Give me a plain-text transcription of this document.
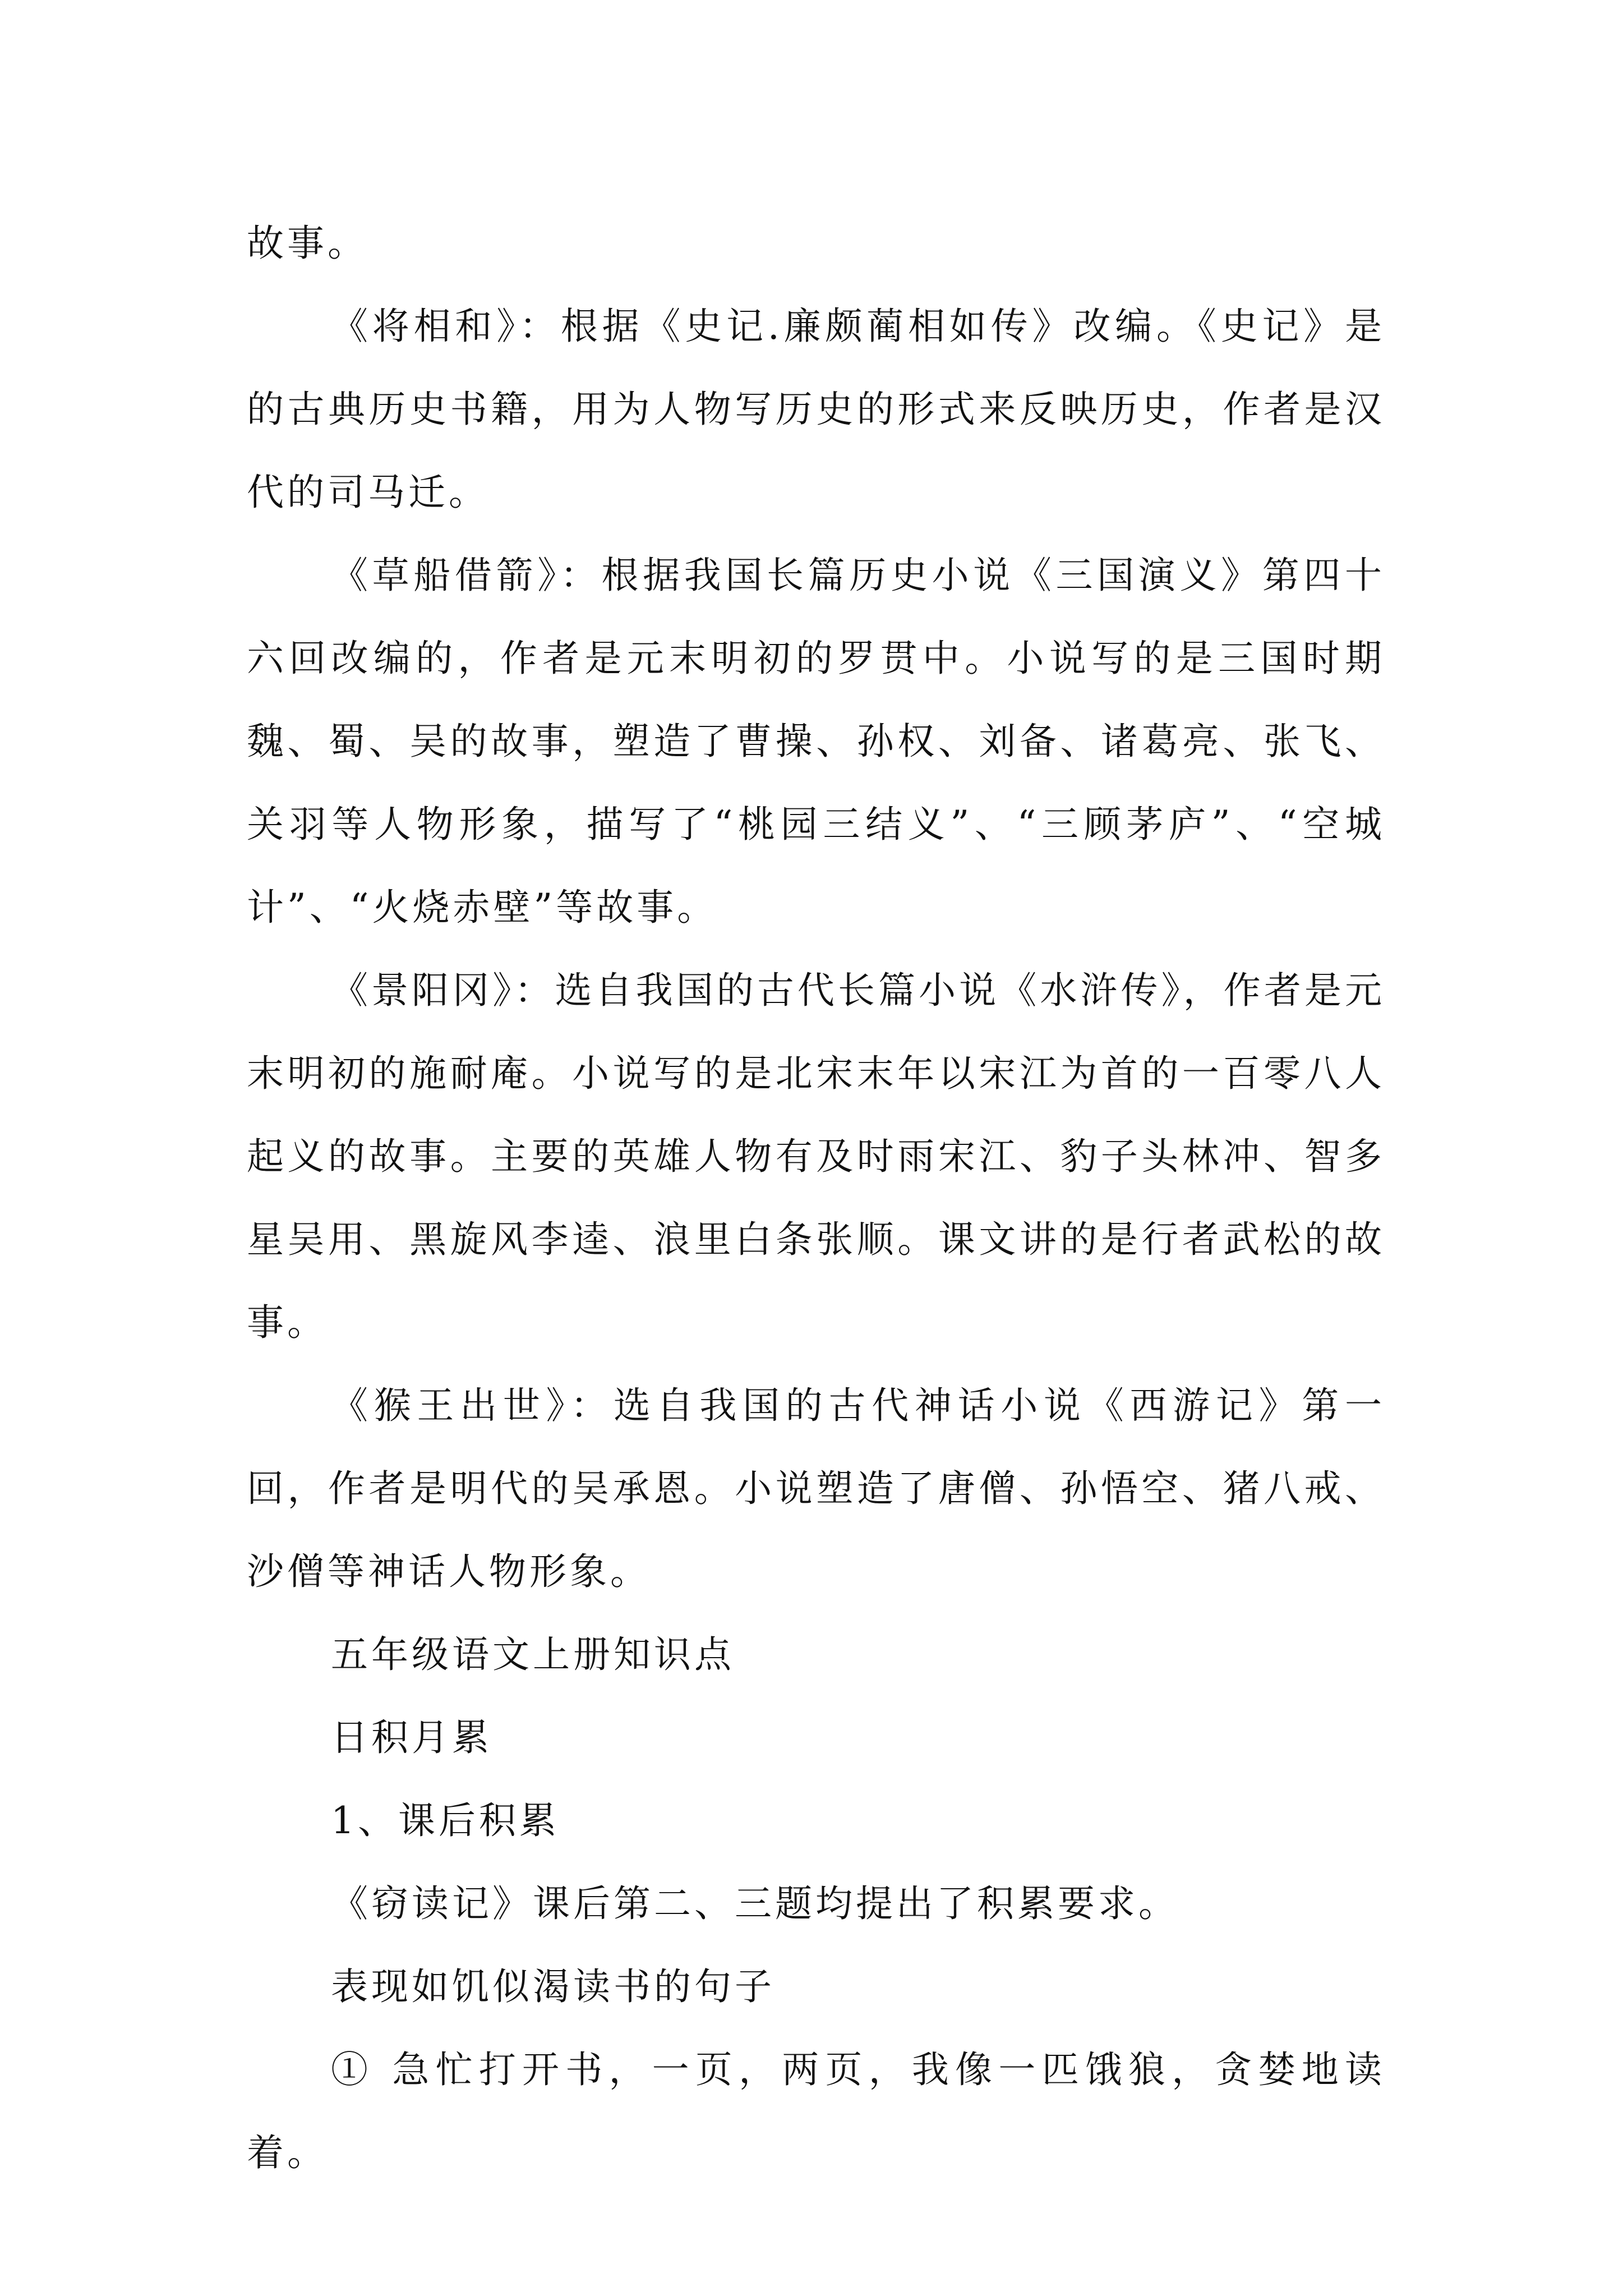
故事。

《将相和》：根据《史记.廉颇蔺相如传》改编。《史记》是的古典历史书籍，用为人物写历史的形式来反映历史，作者是汉代的司马迁。

《草船借箭》：根据我国长篇历史小说《三国演义》第四十六回改编的，作者是元末明初的罗贯中。小说写的是三国时期魏、蜀、吴的故事，塑造了曹操、孙权、刘备、诸葛亮、张飞、关羽等人物形象，描写了“桃园三结义”、“三顾茅庐”、“空城计”、“火烧赤壁”等故事。

《景阳冈》：选自我国的古代长篇小说《水浒传》，作者是元末明初的施耐庵。小说写的是北宋末年以宋江为首的一百零八人起义的故事。主要的英雄人物有及时雨宋江、豹子头林冲、智多星吴用、黑旋风李逵、浪里白条张顺。课文讲的是行者武松的故事。

《猴王出世》：选自我国的古代神话小说《西游记》第一回，作者是明代的吴承恩。小说塑造了唐僧、孙悟空、猪八戒、沙僧等神话人物形象。

五年级语文上册知识点

日积月累

1、课后积累

《窃读记》课后第二、三题均提出了积累要求。

表现如饥似渴读书的句子

① 急忙打开书，一页，两页，我像一匹饿狼，贪婪地读着。
